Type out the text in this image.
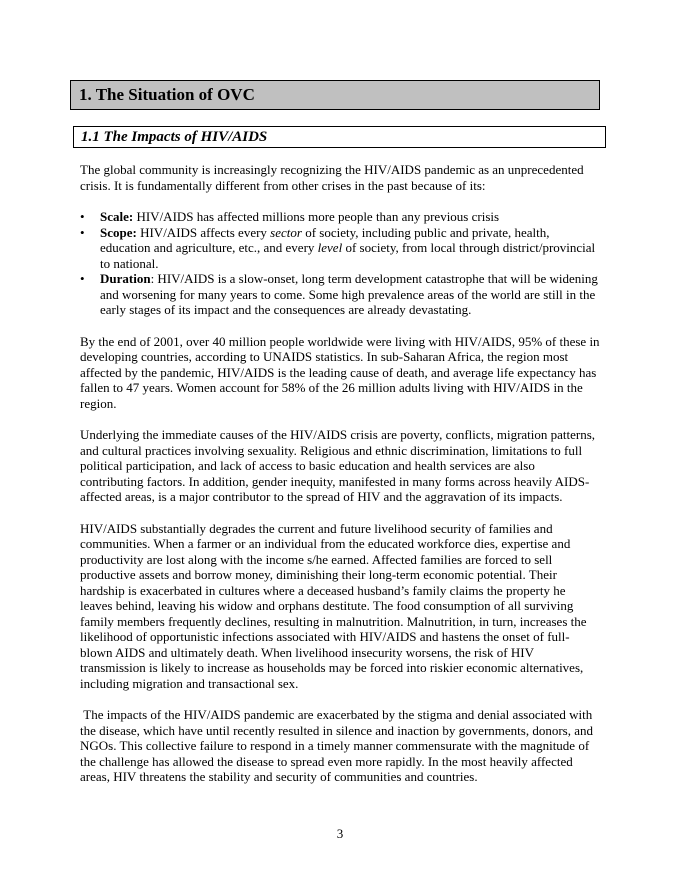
1. The Situation of OVC
1.1 The Impacts of HIV/AIDS

The global community is increasingly recognizing the HIV/AIDS pandemic as an unprecedented crisis. It is fundamentally different from other crises in the past because of its:

• Scale: HIV/AIDS has affected millions more people than any previous crisis
• Scope: HIV/AIDS affects every sector of society, including public and private, health, education and agriculture, etc., and every level of society, from local through district/provincial to national.
• Duration: HIV/AIDS is a slow-onset, long term development catastrophe that will be widening and worsening for many years to come. Some high prevalence areas of the world are still in the early stages of its impact and the consequences are already devastating.

By the end of 2001, over 40 million people worldwide were living with HIV/AIDS, 95% of these in developing countries, according to UNAIDS statistics. In sub-Saharan Africa, the region most affected by the pandemic, HIV/AIDS is the leading cause of death, and average life expectancy has fallen to 47 years. Women account for 58% of the 26 million adults living with HIV/AIDS in the region.

Underlying the immediate causes of the HIV/AIDS crisis are poverty, conflicts, migration patterns, and cultural practices involving sexuality. Religious and ethnic discrimination, limitations to full political participation, and lack of access to basic education and health services are also contributing factors. In addition, gender inequity, manifested in many forms across heavily AIDS-affected areas, is a major contributor to the spread of HIV and the aggravation of its impacts.

HIV/AIDS substantially degrades the current and future livelihood security of families and communities. When a farmer or an individual from the educated workforce dies, expertise and productivity are lost along with the income s/he earned. Affected families are forced to sell productive assets and borrow money, diminishing their long-term economic potential. Their hardship is exacerbated in cultures where a deceased husband’s family claims the property he leaves behind, leaving his widow and orphans destitute. The food consumption of all surviving family members frequently declines, resulting in malnutrition. Malnutrition, in turn, increases the likelihood of opportunistic infections associated with HIV/AIDS and hastens the onset of full-blown AIDS and ultimately death. When livelihood insecurity worsens, the risk of HIV transmission is likely to increase as households may be forced into riskier economic alternatives, including migration and transactional sex.

The impacts of the HIV/AIDS pandemic are exacerbated by the stigma and denial associated with the disease, which have until recently resulted in silence and inaction by governments, donors, and NGOs. This collective failure to respond in a timely manner commensurate with the magnitude of the challenge has allowed the disease to spread even more rapidly. In the most heavily affected areas, HIV threatens the stability and security of communities and countries.

3
